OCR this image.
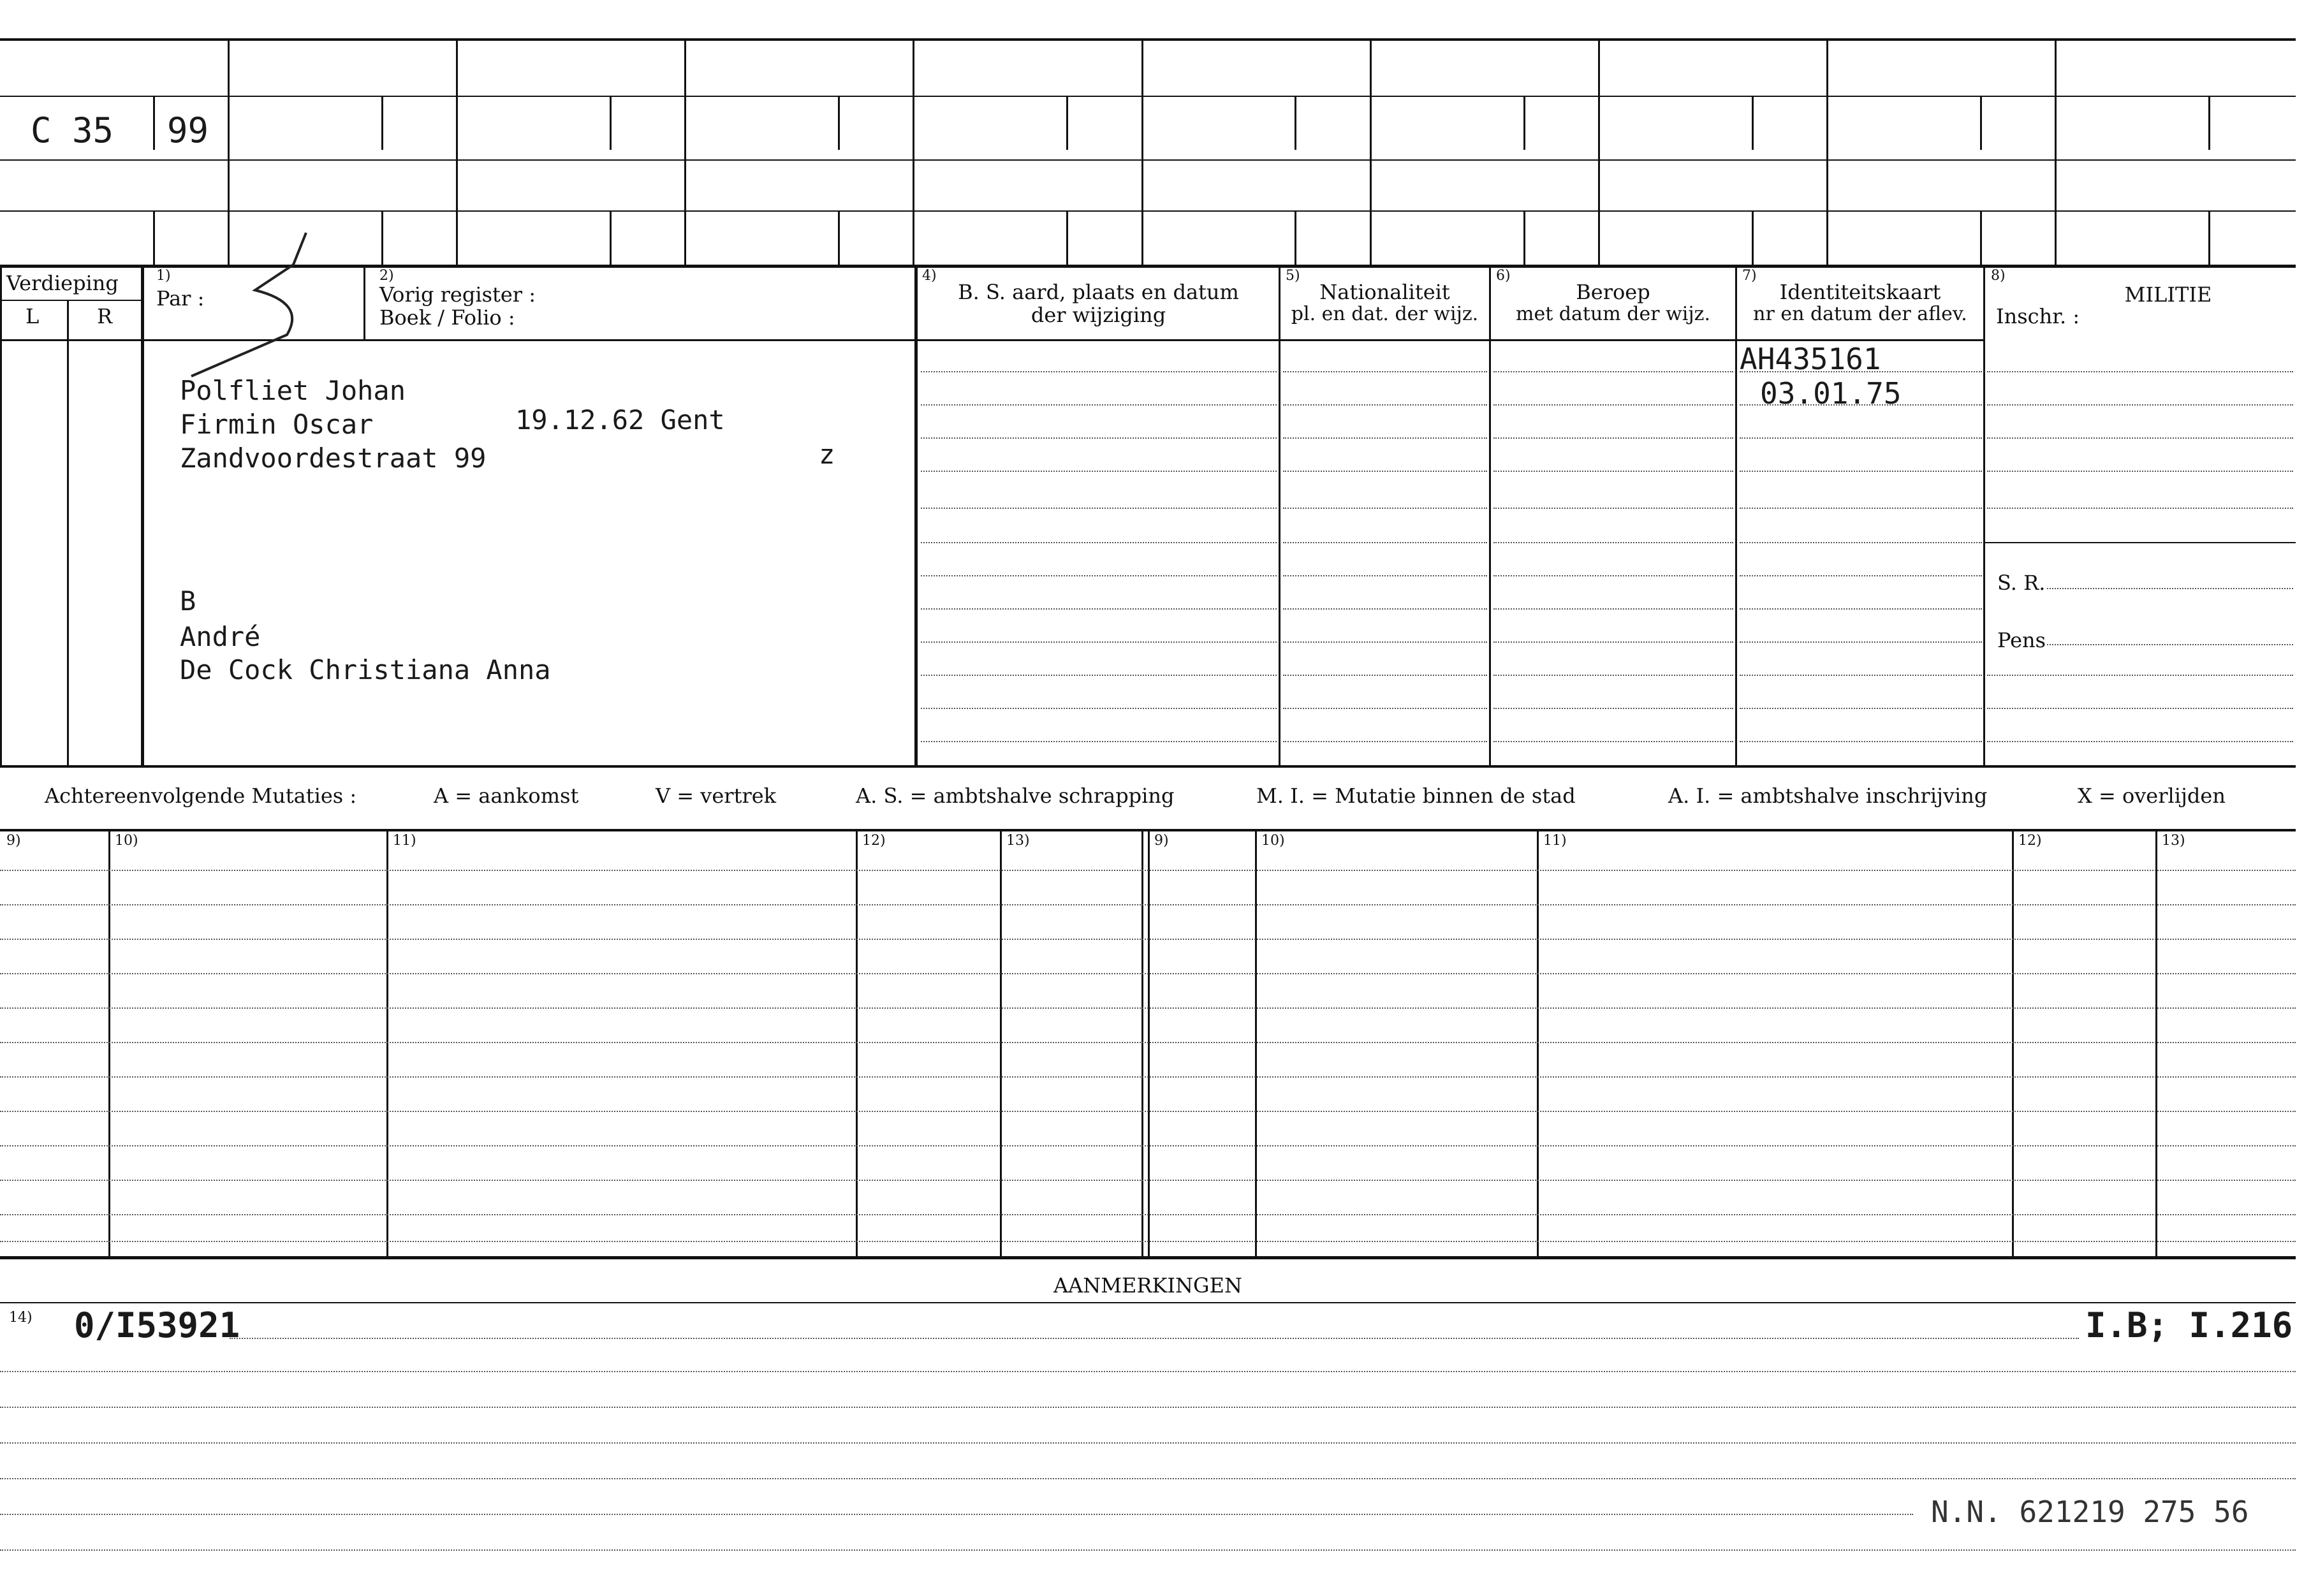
C 35 99
Verdieping
L	R
1)
Par :
2)
Vorig register :
Boek / Folio :
4)
B. S. aard, plaats en datum
der wijziging
5)
Nationaliteit
pl. en dat. der wijz.
6)
Beroep
met datum der wijz.
7)
Identiteitskaart
nr en datum der aflev.
8)
MILITIE
Inschr. :
S. R.
Pens
Polfliet Johan
Firmin Oscar	19.12.62 Gent
Zandvoordestraat 99	z
B
André
De Cock Christiana Anna
AH435161
03.01.75
Achtereenvolgende Mutaties :	A = aankomst	V = vertrek	A. S. = ambtshalve schrapping	M. I. = Mutatie binnen de stad	A. I. = ambtshalve inschrijving	X = overlijden
9)	10)	11)	12)	13)	9)	10)	11)	12)	13)
AANMERKINGEN
14) 0/I53921	I.B; I.216
N.N. 621219 275 56
